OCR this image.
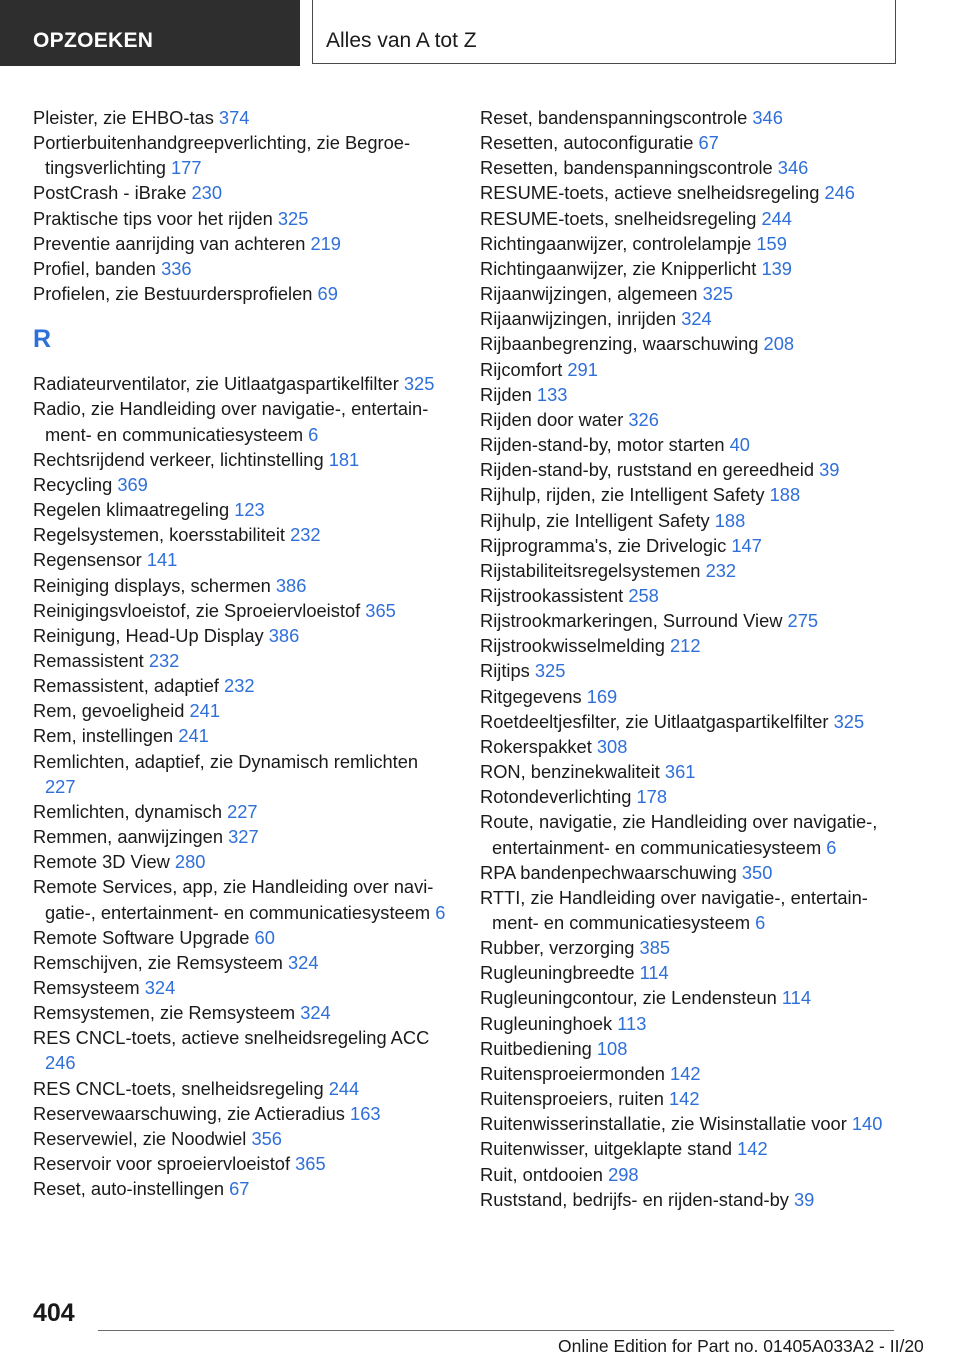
OPZOEKEN	Alles van A tot Z
Pleister, zie EHBO-tas 374
Portierbuitenhandgreepverlichting, zie Begroetingsverlichting 177
PostCrash - iBrake 230
Praktische tips voor het rijden 325
Preventie aanrijding van achteren 219
Profiel, banden 336
Profielen, zie Bestuurdersprofielen 69
R
Radiateurventilator, zie Uitlaatgaspartikelfilter 325
Radio, zie Handleiding over navigatie-, entertainment- en communicatiesysteem 6
Rechtsrijdend verkeer, lichtinstelling 181
Recycling 369
Regelen klimaatregeling 123
Regelsystemen, koersstabiliteit 232
Regensensor 141
Reiniging displays, schermen 386
Reinigingsvloeistof, zie Sproeiervloeistof 365
Reinigung, Head-Up Display 386
Remassistent 232
Remassistent, adaptief 232
Rem, gevoeligheid 241
Rem, instellingen 241
Remlichten, adaptief, zie Dynamisch remlichten 227
Remlichten, dynamisch 227
Remmen, aanwijzingen 327
Remote 3D View 280
Remote Services, app, zie Handleiding over navigatie-, entertainment- en communicatiesysteem 6
Remote Software Upgrade 60
Remschijven, zie Remsysteem 324
Remsysteem 324
Remsystemen, zie Remsysteem 324
RES CNCL-toets, actieve snelheidsregeling ACC 246
RES CNCL-toets, snelheidsregeling 244
Reservewaarschuwing, zie Actieradius 163
Reservewiel, zie Noodwiel 356
Reservoir voor sproeiervloeistof 365
Reset, auto-instellingen 67
Reset, bandenspanningscontrole 346
Resetten, autoconfiguratie 67
Resetten, bandenspanningscontrole 346
RESUME-toets, actieve snelheidsregeling 246
RESUME-toets, snelheidsregeling 244
Richtingaanwijzer, controlelampje 159
Richtingaanwijzer, zie Knipperlicht 139
Rijaanwijzingen, algemeen 325
Rijaanwijzingen, inrijden 324
Rijbaanbegrenzing, waarschuwing 208
Rijcomfort 291
Rijden 133
Rijden door water 326
Rijden-stand-by, motor starten 40
Rijden-stand-by, ruststand en gereedheid 39
Rijhulp, rijden, zie Intelligent Safety 188
Rijhulp, zie Intelligent Safety 188
Rijprogramma's, zie Drivelogic 147
Rijstabiliteitsregelsystemen 232
Rijstrookassistent 258
Rijstrookmarkeringen, Surround View 275
Rijstrookwisselmelding 212
Rijtips 325
Ritgegevens 169
Roetdeeltjesfilter, zie Uitlaatgaspartikelfilter 325
Rokerspakket 308
RON, benzinekwaliteit 361
Rotondeverlichting 178
Route, navigatie, zie Handleiding over navigatie-, entertainment- en communicatiesysteem 6
RPA bandenpechwaarschuwing 350
RTTI, zie Handleiding over navigatie-, entertainment- en communicatiesysteem 6
Rubber, verzorging 385
Rugleuningbreedte 114
Rugleuningcontour, zie Lendensteun 114
Rugleuninghoek 113
Ruitbediening 108
Ruitensproeiermonden 142
Ruitensproeiers, ruiten 142
Ruitenwisserinstallatie, zie Wisinstallatie voor 140
Ruitenwisser, uitgeklapte stand 142
Ruit, ontdooien 298
Ruststand, bedrijfs- en rijden-stand-by 39
404
Online Edition for Part no. 01405A033A2 - II/20
